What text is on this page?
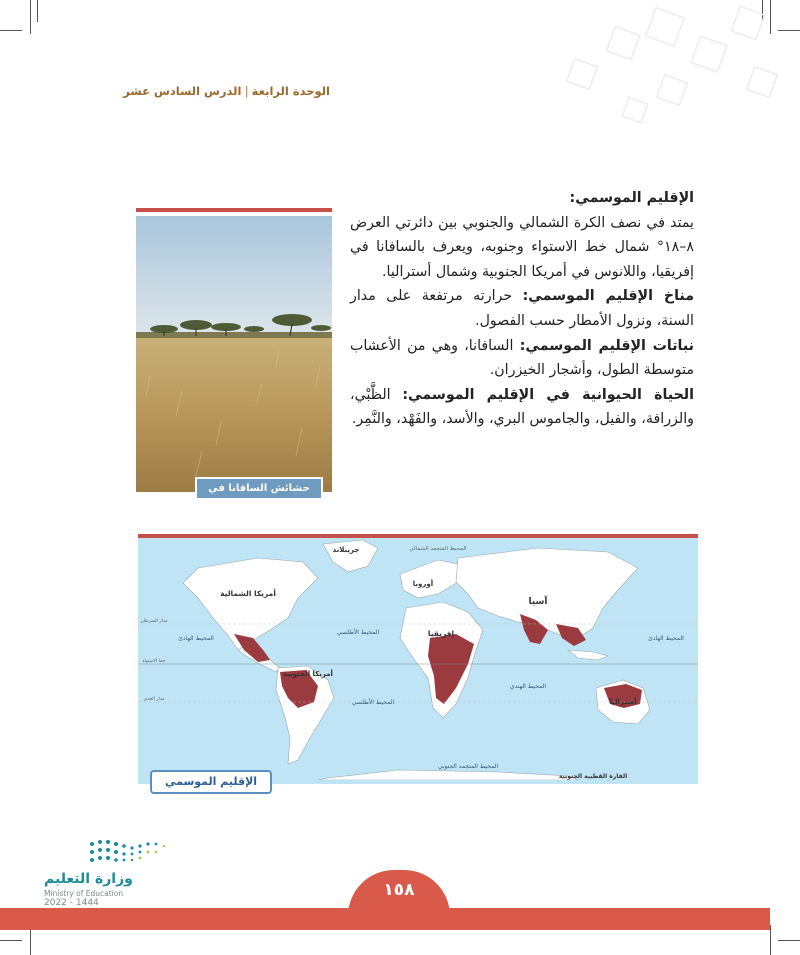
الوحدة الرابعة|الدرس السادس عشر

الإقليم الموسمي:

يمتد في نصف الكرة الشمالي والجنوبي بين دائرتي العرض ٨–١٨° شمال خط الاستواء وجنوبه، ويعرف بالسافانا في إفريقيا، واللانوس في أمريكا الجنوبية وشمال أستراليا.

مناخ الإقليم الموسمي: حرارته مرتفعة على مدار السنة، ونزول الأمطار حسب الفصول.

نباتات الإقليم الموسمي: السافانا، وهي من الأعشاب متوسطة الطول، وأشجار الخيزران.

الحياة الحيوانية في الإقليم الموسمي: الظَّبْي، والزرافة، والفيل، والجاموس البري، والأسد، والفَهْد، والنَّمِر.

حشائش السافانا في إفريقيا
جرينلاند	المحيط المتجمد الشمالي
أوروبا
أمريكا الشمالية
آسيا
إفريقيا
أمريكا الجنوبية
أستراليا
المحيط الهادئ	المحيط الهادئ
المحيط الأطلسي
المحيط الأطلسي
المحيط الهندي
المحيط المتجمد الجنوبي
القارة القطبية الجنوبية
مدار السرطان
خط الاستواء
مدار الجدي
الإقليم الموسمي
وزارة التعليم
Ministry of Education
2022 - 1444
١٥٨
